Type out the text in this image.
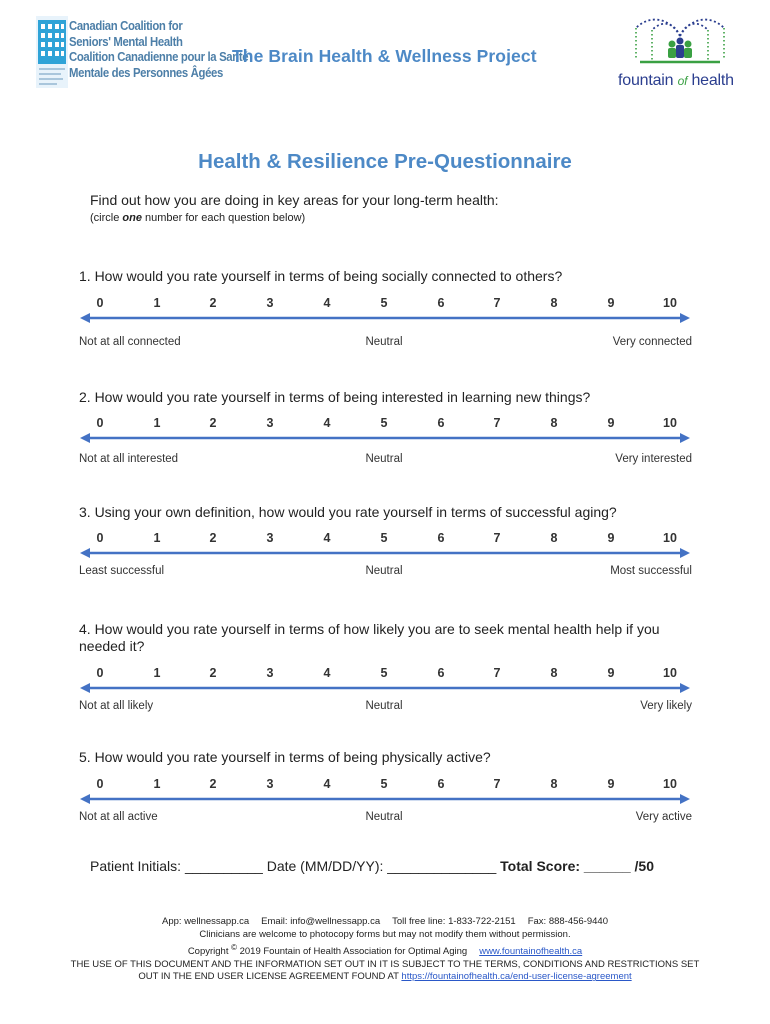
Canadian Coalition for
Seniors' Mental Health
Coalition Canadienne pour la Santé
Mentale des Personnes Âgées
The Brain Health & Wellness Project
fountain of health
Health & Resilience Pre-Questionnaire
Find out how you are doing in key areas for your long-term health:
(circle one number for each question below)
1. How would you rate yourself in terms of being socially connected to others?
0	1	2	3	4	5	6	7	8	9	10
Not at all connected	Neutral	Very connected
2. How would you rate yourself in terms of being interested in learning new things?
0	1	2	3	4	5	6	7	8	9	10
Not at all interested	Neutral	Very interested
3. Using your own definition, how would you rate yourself in terms of successful aging?
0	1	2	3	4	5	6	7	8	9	10
Least successful	Neutral	Most successful
4. How would you rate yourself in terms of how likely you are to seek mental health help if you needed it?
0	1	2	3	4	5	6	7	8	9	10
Not at all likely	Neutral	Very likely
5. How would you rate yourself in terms of being physically active?
0	1	2	3	4	5	6	7	8	9	10
Not at all active	Neutral	Very active
Patient Initials: __________ Date (MM/DD/YY): ______________ Total Score: ______ /50
App: wellnessapp.ca Email: info@wellnessapp.ca Toll free line: 1-833-722-2151 Fax: 888-456-9440
Clinicians are welcome to photocopy forms but may not modify them without permission.
Copyright © 2019 Fountain of Health Association for Optimal Aging www.fountainofhealth.ca
THE USE OF THIS DOCUMENT AND THE INFORMATION SET OUT IN IT IS SUBJECT TO THE TERMS, CONDITIONS AND RESTRICTIONS SET
OUT IN THE END USER LICENSE AGREEMENT FOUND AT https://fountainofhealth.ca/end-user-license-agreement
